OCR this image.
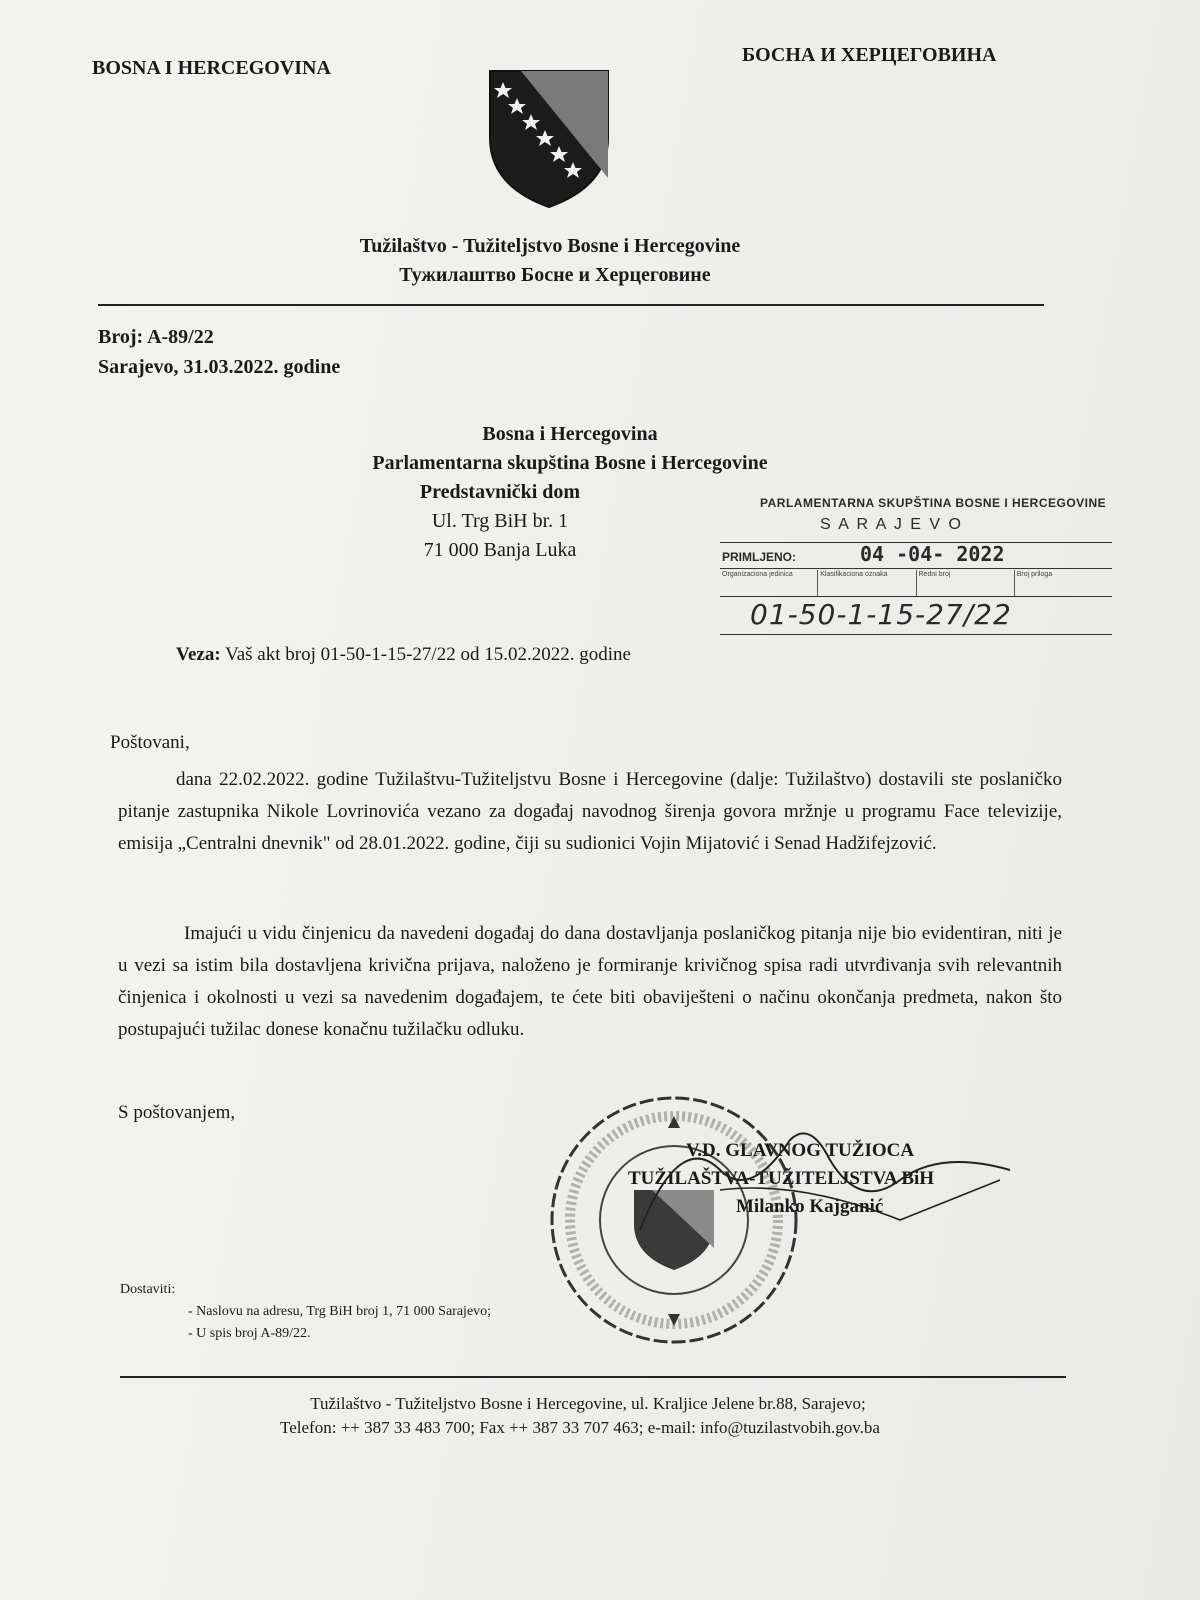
BOSNA I HERCEGOVINA
БОСНА И ХЕРЦЕГОВИНА
Tužilaštvo - Tužiteljstvo Bosne i Hercegovine
Тужилаштво Босне и Херцеговине
Broj: A-89/22
Sarajevo, 31.03.2022. godine
Bosna i Hercegovina
Parlamentarna skupština Bosne i Hercegovine
Predstavnički dom
Ul. Trg BiH br. 1
71 000 Banja Luka
PARLAMENTARNA SKUPŠTINA BOSNE I HERCEGOVINE
S A R A J E V O
PRIMLJENO:	04 -04- 2022
Organizaciona jedinica	Klasifikaciona oznaka	Redni broj	Broj priloga
01-50-1-15-27/22
Veza: Vaš akt broj 01-50-1-15-27/22 od 15.02.2022. godine
Poštovani,

dana 22.02.2022. godine Tužilaštvu-Tužiteljstvu Bosne i Hercegovine (dalje: Tužilaštvo) dostavili ste poslaničko pitanje zastupnika Nikole Lovrinovića vezano za događaj navodnog širenja govora mržnje u programu Face televizije, emisija „Centralni dnevnik" od 28.01.2022. godine, čiji su sudionici Vojin Mijatović i Senad Hadžifejzović.

Imajući u vidu činjenicu da navedeni događaj do dana dostavljanja poslaničkog pitanja nije bio evidentiran, niti je u vezi sa istim bila dostavljena krivična prijava, naloženo je formiranje krivičnog spisa radi utvrđivanja svih relevantnih činjenica i okolnosti u vezi sa navedenim događajem, te ćete biti obaviješteni o načinu okončanja predmeta, nakon što postupajući tužilac donese konačnu tužilačku odluku.

S poštovanjem,
V.D. GLAVNOG TUŽIOCA
TUŽILAŠTVA-TUŽITELJSTVA BiH
Milanko Kajganić
Dostaviti:
- Naslovu na adresu, Trg BiH broj 1, 71 000 Sarajevo;
- U spis broj A-89/22.
Tužilaštvo - Tužiteljstvo Bosne i Hercegovine, ul. Kraljice Jelene br.88, Sarajevo;
Telefon: ++ 387 33 483 700; Fax ++ 387 33 707 463; e-mail: info@tuzilastvobih.gov.ba
